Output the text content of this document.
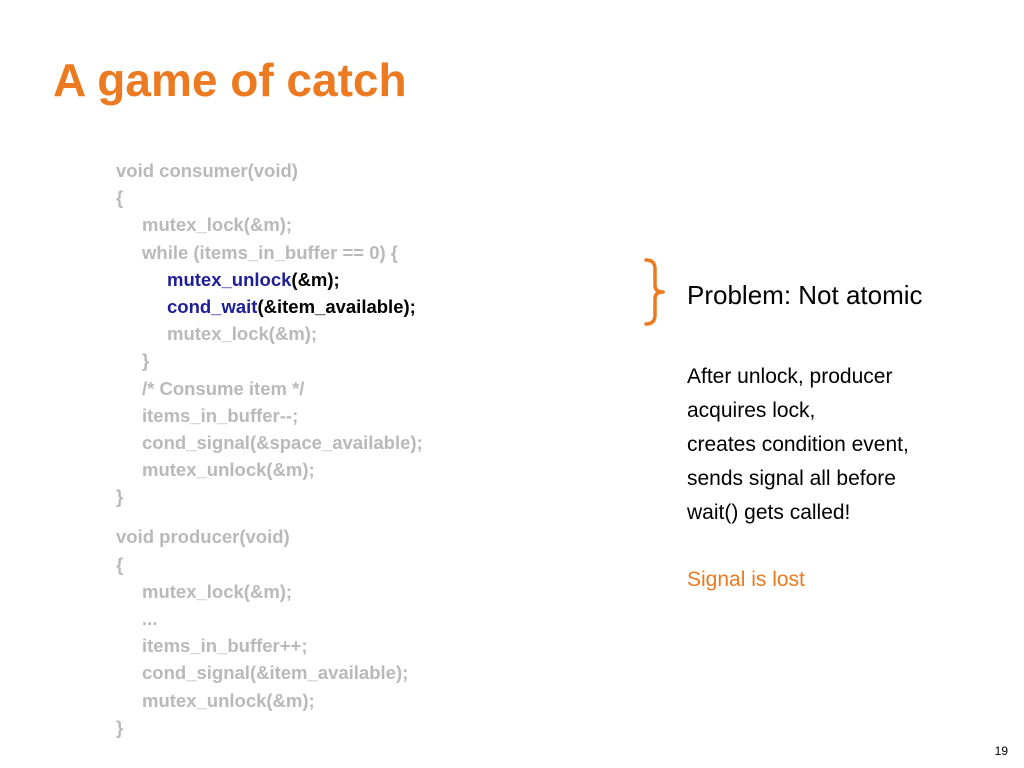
A game of catch
void consumer(void)
{
mutex_lock(&m);
while (items_in_buffer == 0) {
mutex_unlock(&m);
cond_wait(&item_available);
mutex_lock(&m);
}
/* Consume item */
items_in_buffer--;
cond_signal(&space_available);
mutex_unlock(&m);
}
void producer(void)
{
mutex_lock(&m);
...
items_in_buffer++;
cond_signal(&item_available);
mutex_unlock(&m);
}
Problem: Not atomic
After unlock, producer
acquires lock,
creates condition event,
sends signal all before
wait() gets called!
Signal is lost
19
